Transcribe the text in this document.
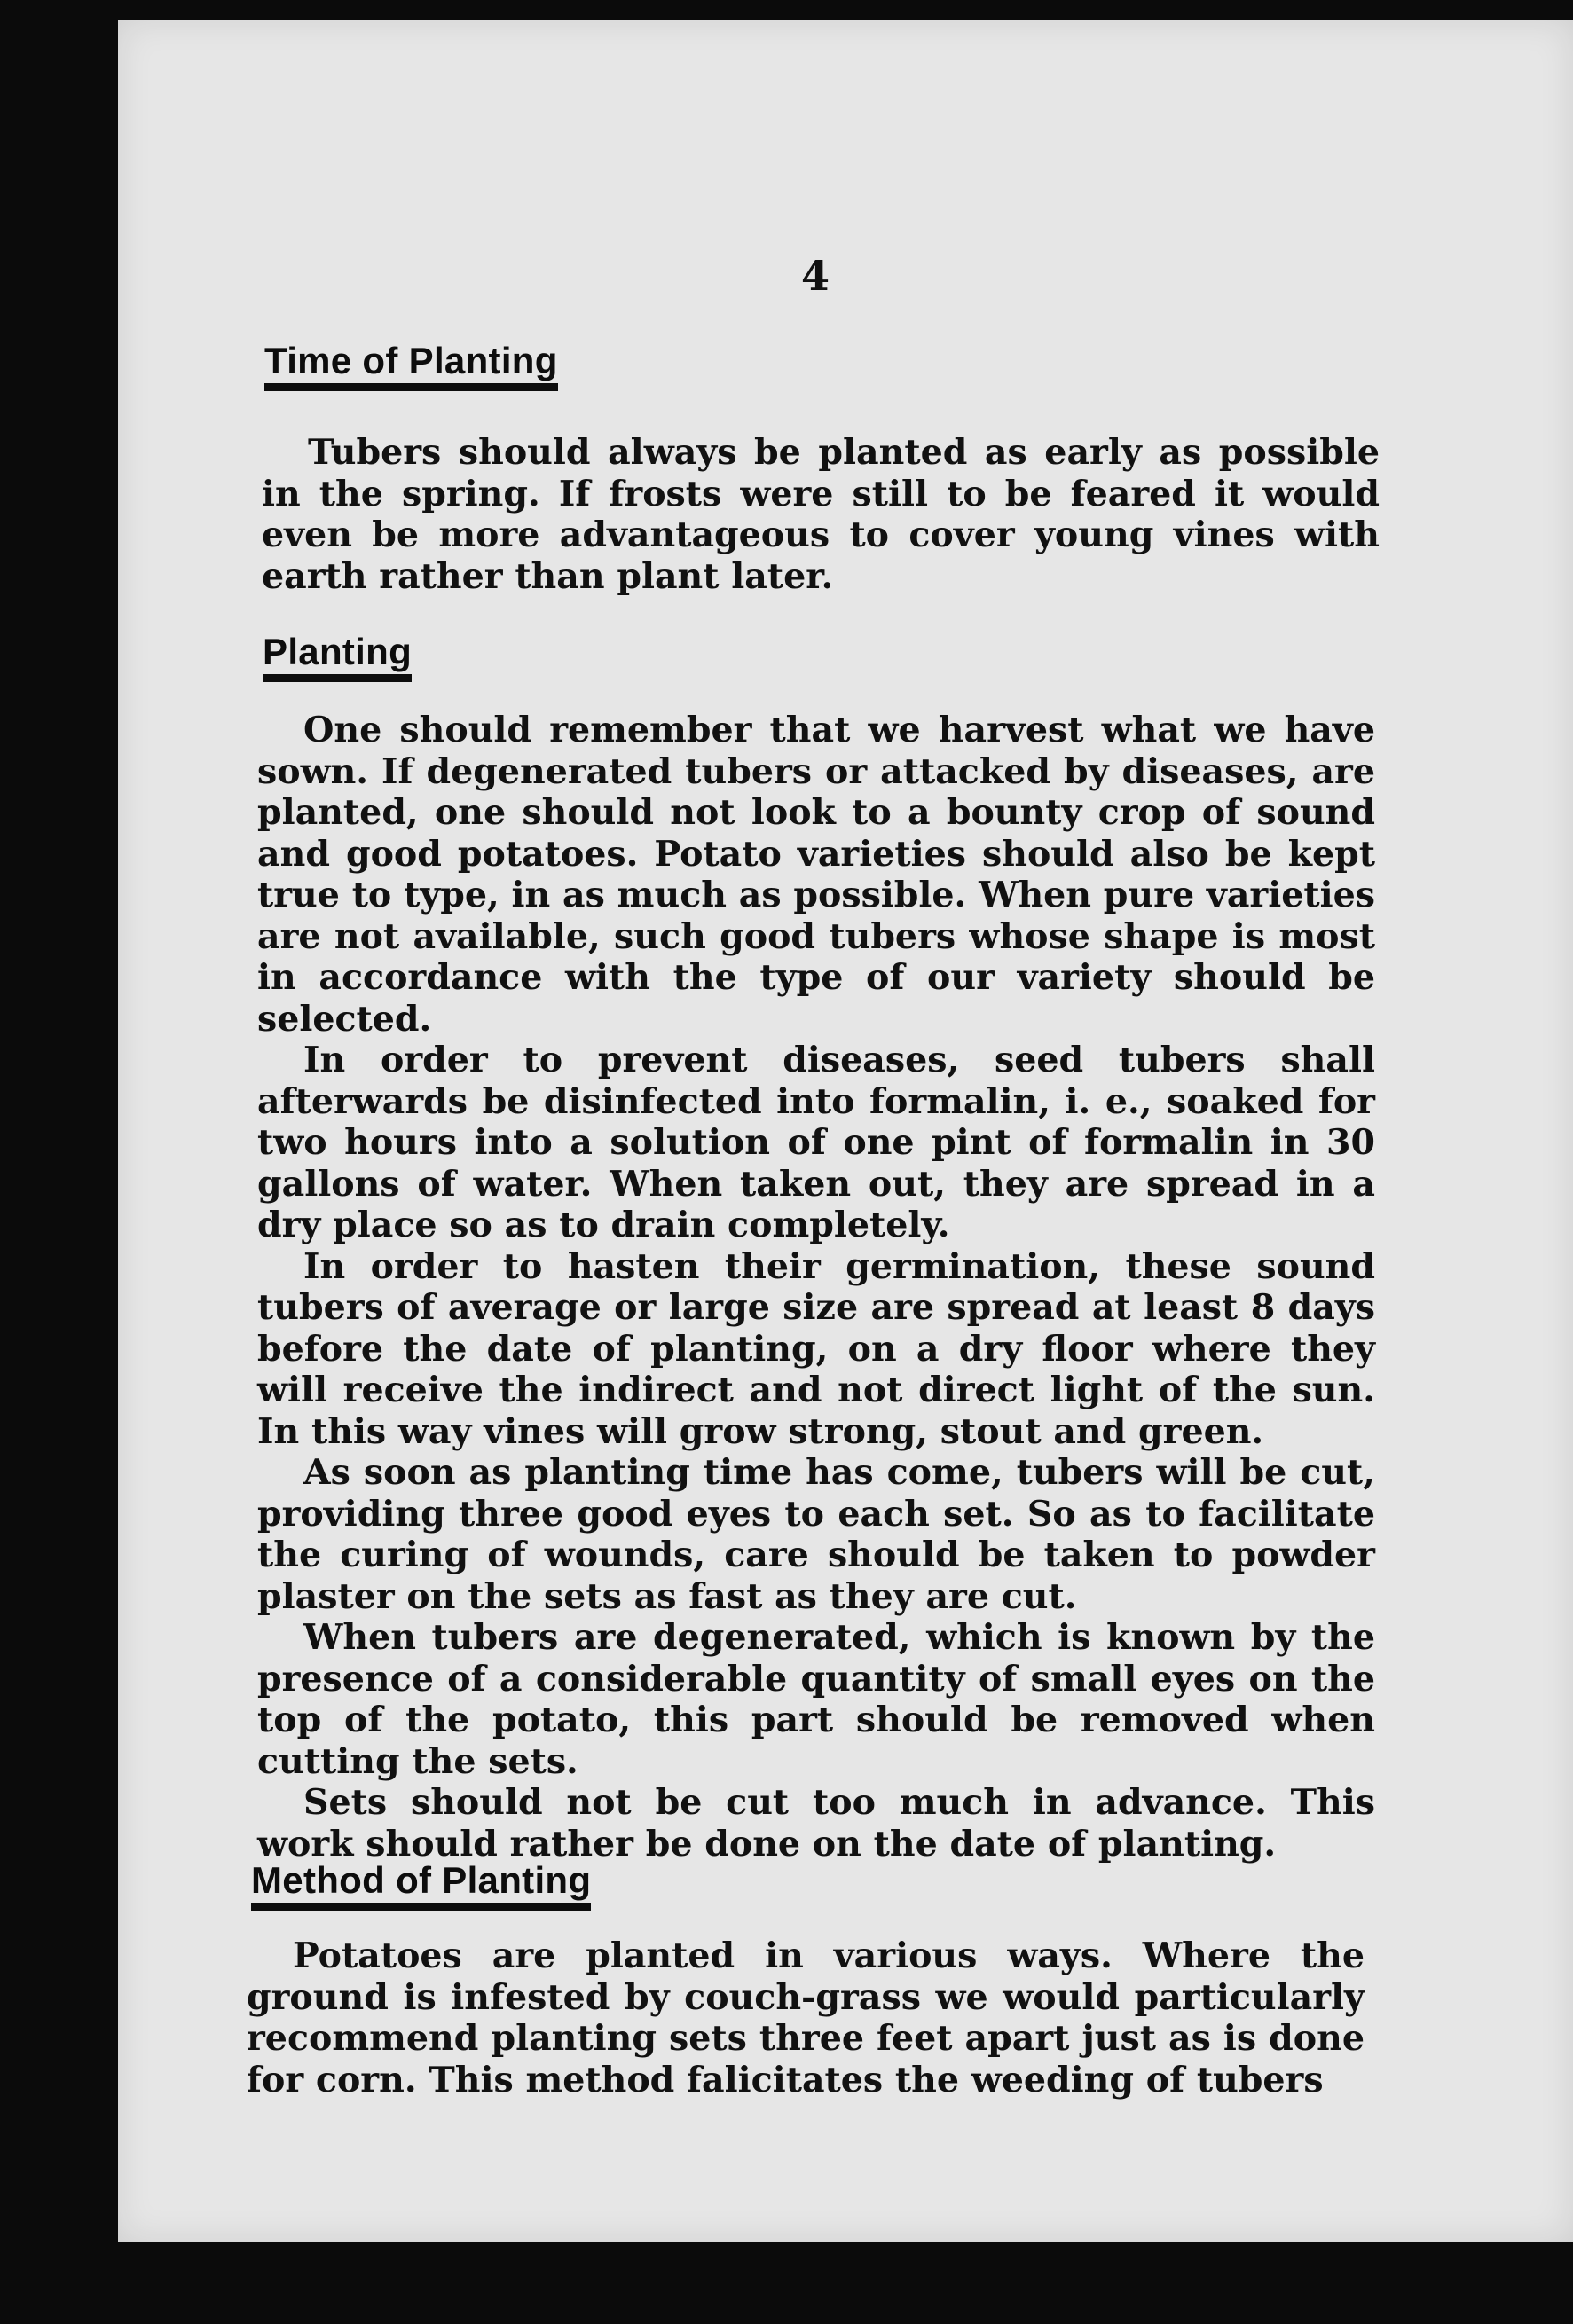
4
Time of Planting

Tubers should always be planted as early as possible in the spring. If frosts were still to be feared it would even be more advantageous to cover young vines with earth rather than plant later.

Planting

One should remember that we harvest what we have sown. If degenerated tubers or attacked by diseases, are planted, one should not look to a bounty crop of sound and good potatoes. Potato varieties should also be kept true to type, in as much as possible. When pure varieties are not available, such good tubers whose shape is most in accordance with the type of our variety should be selected.

In order to prevent diseases, seed tubers shall afterwards be disinfected into formalin, i. e., soaked for two hours into a solution of one pint of formalin in 30 gallons of water. When taken out, they are spread in a dry place so as to drain completely.

In order to hasten their germination, these sound tubers of average or large size are spread at least 8 days before the date of planting, on a dry floor where they will receive the indirect and not direct light of the sun. In this way vines will grow strong, stout and green.

As soon as planting time has come, tubers will be cut, providing three good eyes to each set. So as to facilitate the curing of wounds, care should be taken to powder plaster on the sets as fast as they are cut.

When tubers are degenerated, which is known by the presence of a considerable quantity of small eyes on the top of the potato, this part should be removed when cutting the sets.

Sets should not be cut too much in advance. This work should rather be done on the date of planting.

Method of Planting

Potatoes are planted in various ways. Where the ground is infested by couch-grass we would particularly recommend planting sets three feet apart just as is done for corn. This method falicitates the weeding of tubers
